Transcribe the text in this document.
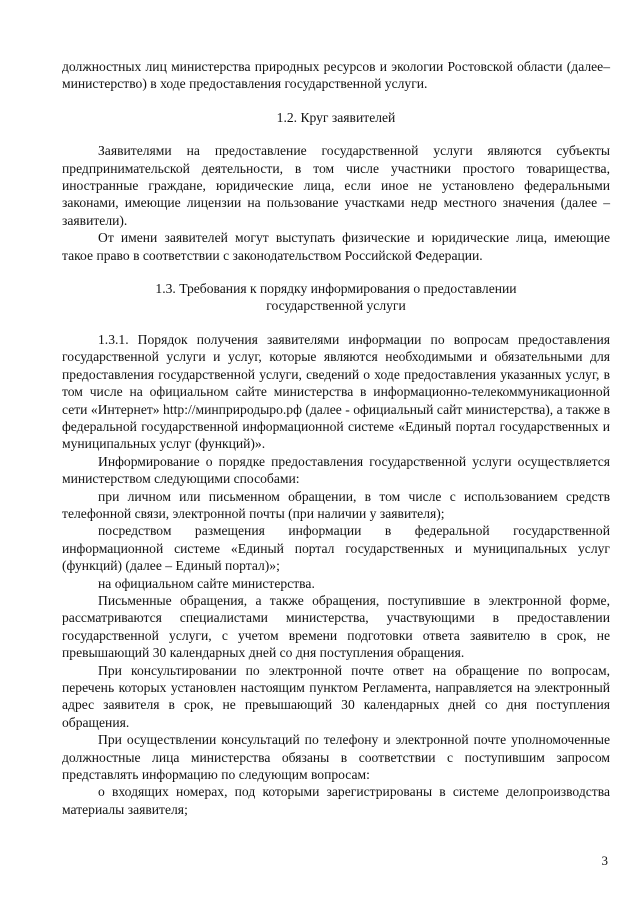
должностных лиц министерства природных ресурсов и экологии Ростовской области (далее–министерство) в ходе предоставления государственной услуги.

1.2. Круг заявителей

Заявителями на предоставление государственной услуги являются субъекты предпринимательской деятельности, в том числе участники простого товарищества, иностранные граждане, юридические лица, если иное не установлено федеральными законами, имеющие лицензии на пользование участками недр местного значения (далее – заявители).

От имени заявителей могут выступать физические и юридические лица, имеющие такое право в соответствии с законодательством Российской Федерации.

1.3. Требования к порядку информирования о предоставлении

государственной услуги

1.3.1. Порядок получения заявителями информации по вопросам предоставления государственной услуги и услуг, которые являются необходимыми и обязательными для предоставления государственной услуги, сведений о ходе предоставления указанных услуг, в том числе на официальном сайте министерства в информационно-телекоммуникационной сети «Интернет» http://минприродыро.рф (далее - официальный сайт министерства), а также в федеральной государственной информационной системе «Единый портал государственных и муниципальных услуг (функций)».

Информирование о порядке предоставления государственной услуги осуществляется министерством следующими способами:

при личном или письменном обращении, в том числе с использованием средств телефонной связи, электронной почты (при наличии у заявителя);

посредством размещения информации в федеральной государственной информационной системе «Единый портал государственных и муниципальных услуг (функций) (далее – Единый портал)»;

на официальном сайте министерства.

Письменные обращения, а также обращения, поступившие в электронной форме, рассматриваются специалистами министерства, участвующими в предоставлении государственной услуги, с учетом времени подготовки ответа заявителю в срок, не превышающий 30 календарных дней со дня поступления обращения.

При консультировании по электронной почте ответ на обращение по вопросам, перечень которых установлен настоящим пунктом Регламента, направляется на электронный адрес заявителя в срок, не превышающий 30 календарных дней со дня поступления обращения.

При осуществлении консультаций по телефону и электронной почте уполномоченные должностные лица министерства обязаны в соответствии с поступившим запросом представлять информацию по следующим вопросам:

о входящих номерах, под которыми зарегистрированы в системе делопроизводства материалы заявителя;

3
